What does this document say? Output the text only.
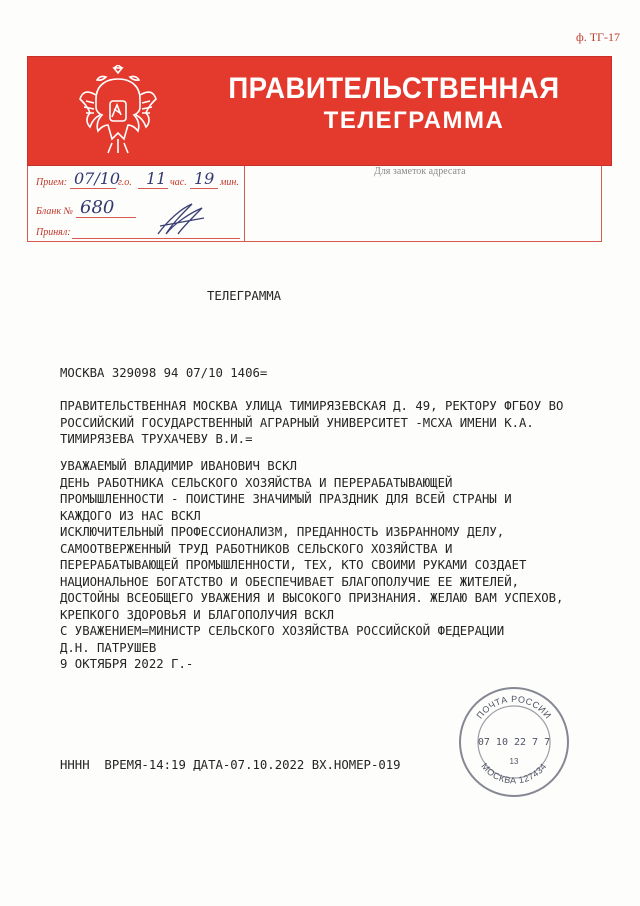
ф. ТГ-17
ПРАВИТЕЛЬСТВЕННАЯ
ТЕЛЕГРАММА
Прием: 07/10
г.о. 11 час. 19 мин.
Бланк № 680
Принял:
Для заметок адресата
ТЕЛЕГРАММА
МОСКВА 329098 94 07/10 1406=
ПРАВИТЕЛЬСТВЕННАЯ МОСКВА УЛИЦА ТИМИРЯЗЕВСКАЯ Д. 49, РЕКТОРУ ФГБОУ ВО
РОССИЙСКИЙ ГОСУДАРСТВЕННЫЙ АГРАРНЫЙ УНИВЕРСИТЕТ -МСХА ИМЕНИ К.А.
ТИМИРЯЗЕВА ТРУХАЧЕВУ В.И.=
УВАЖАЕМЫЙ ВЛАДИМИР ИВАНОВИЧ ВСКЛ
ДЕНЬ РАБОТНИКА СЕЛЬСКОГО ХОЗЯЙСТВА И ПЕРЕРАБАТЫВАЮЩЕЙ
ПРОМЫШЛЕННОСТИ - ПОИСТИНЕ ЗНАЧИМЫЙ ПРАЗДНИК ДЛЯ ВСЕЙ СТРАНЫ И
КАЖДОГО ИЗ НАС ВСКЛ
ИСКЛЮЧИТЕЛЬНЫЙ ПРОФЕССИОНАЛИЗМ, ПРЕДАННОСТЬ ИЗБРАННОМУ ДЕЛУ,
САМООТВЕРЖЕННЫЙ ТРУД РАБОТНИКОВ СЕЛЬСКОГО ХОЗЯЙСТВА И
ПЕРЕРАБАТЫВАЮЩЕЙ ПРОМЫШЛЕННОСТИ, ТЕХ, КТО СВОИМИ РУКАМИ СОЗДАЕТ
НАЦИОНАЛЬНОЕ БОГАТСТВО И ОБЕСПЕЧИВАЕТ БЛАГОПОЛУЧИЕ ЕЕ ЖИТЕЛЕЙ,
ДОСТОЙНЫ ВСЕОБЩЕГО УВАЖЕНИЯ И ВЫСОКОГО ПРИЗНАНИЯ. ЖЕЛАЮ ВАМ УСПЕХОВ,
КРЕПКОГО ЗДОРОВЬЯ И БЛАГОПОЛУЧИЯ ВСКЛ
С УВАЖЕНИЕМ=МИНИСТР СЕЛЬСКОГО ХОЗЯЙСТВА РОССИЙСКОЙ ФЕДЕРАЦИИ
Д.Н. ПАТРУШЕВ
9 ОКТЯБРЯ 2022 Г.-
НННН  ВРЕМЯ-14:19 ДАТА-07.10.2022 ВХ.НОМЕР-019
ПОЧТА РОССИИ
07 10 22 7 7
13
МОСКВА 127434
